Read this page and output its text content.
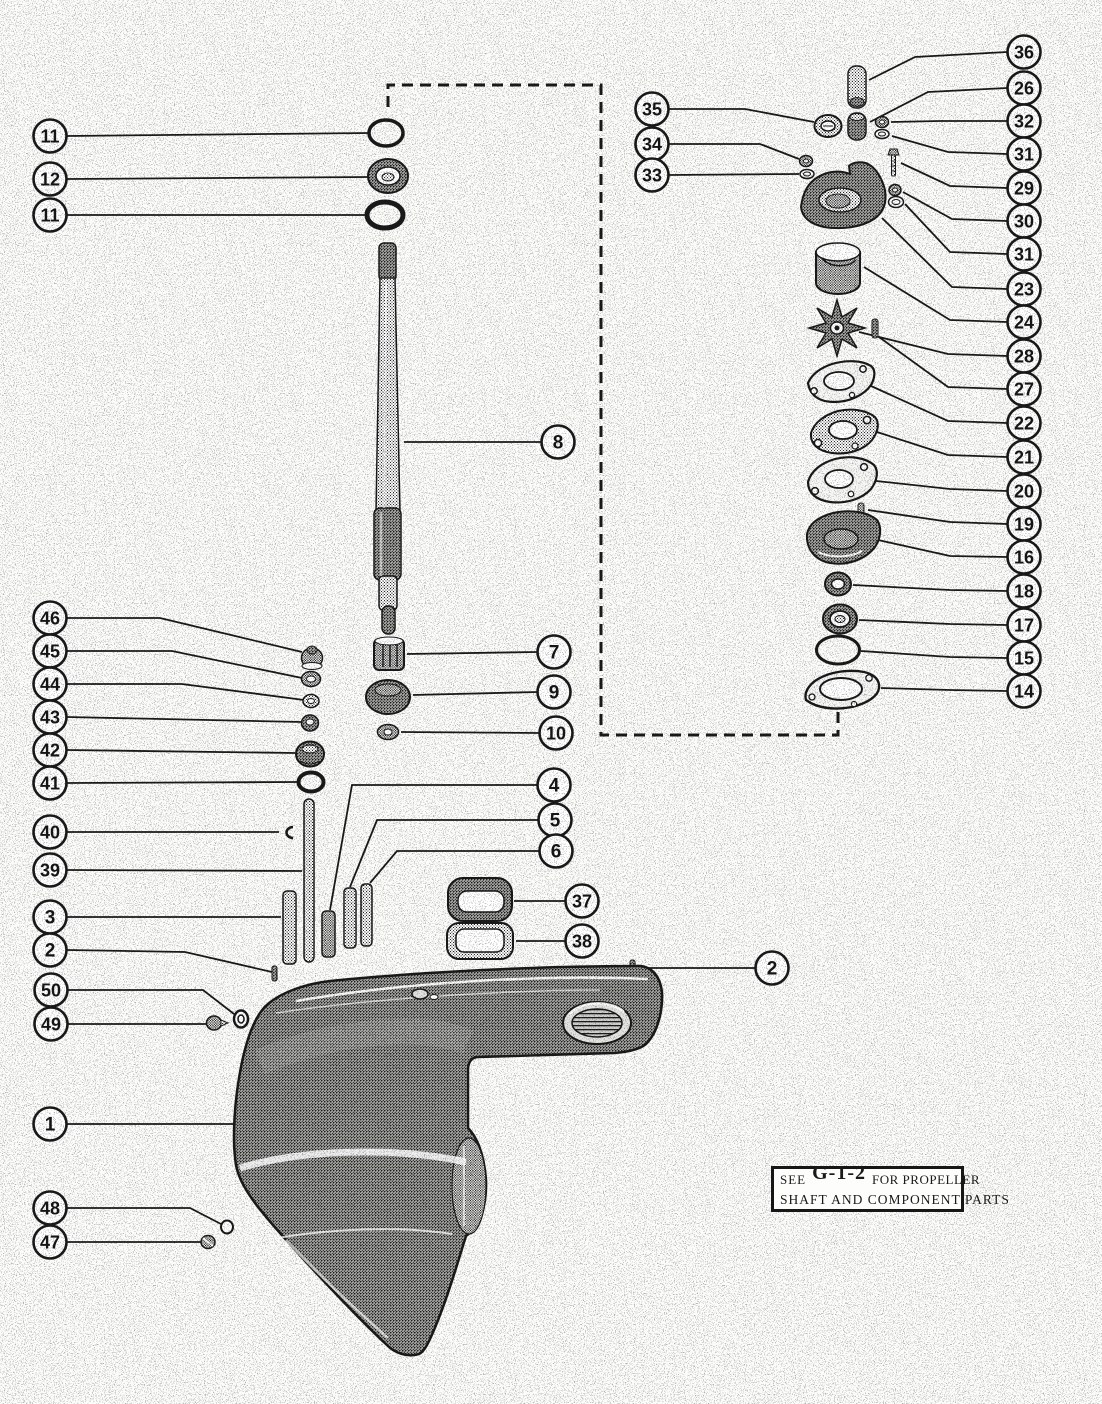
11
12
11
46
45
44
43
42
41
40
39
3
2
50
49
1
48
47
35
34
33
8
7
9
10
4
5
6
37
38
2
36
26
32
31
29
30
31
23
24
28
27
22
21
20
19
16
18
17
15
14
SEE G-1-2 FOR PROPELLER
SHAFT AND COMPONENT PARTS
